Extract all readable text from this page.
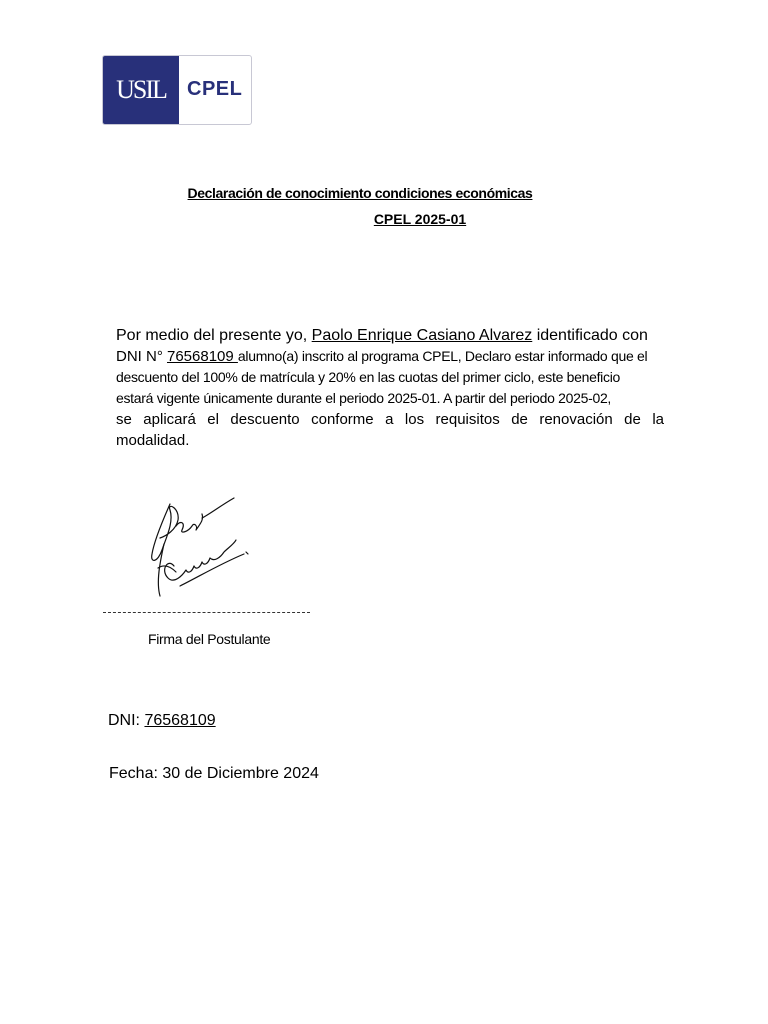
USIL	CPEL
Declaración de conocimiento condiciones económicas
CPEL 2025-01
Por medio del presente yo, Paolo Enrique Casiano Alvarez identificado con
DNI N° 76568109 alumno(a) inscrito al programa CPEL, Declaro estar informado que el
descuento del 100% de matrícula y 20% en las cuotas del primer ciclo, este beneficio
estará vigente únicamente durante el periodo 2025-01. A partir del periodo 2025-02,
se aplicará el descuento conforme a los requisitos de renovación de la
modalidad.
Firma del Postulante
DNI: 76568109
Fecha: 30 de Diciembre 2024
